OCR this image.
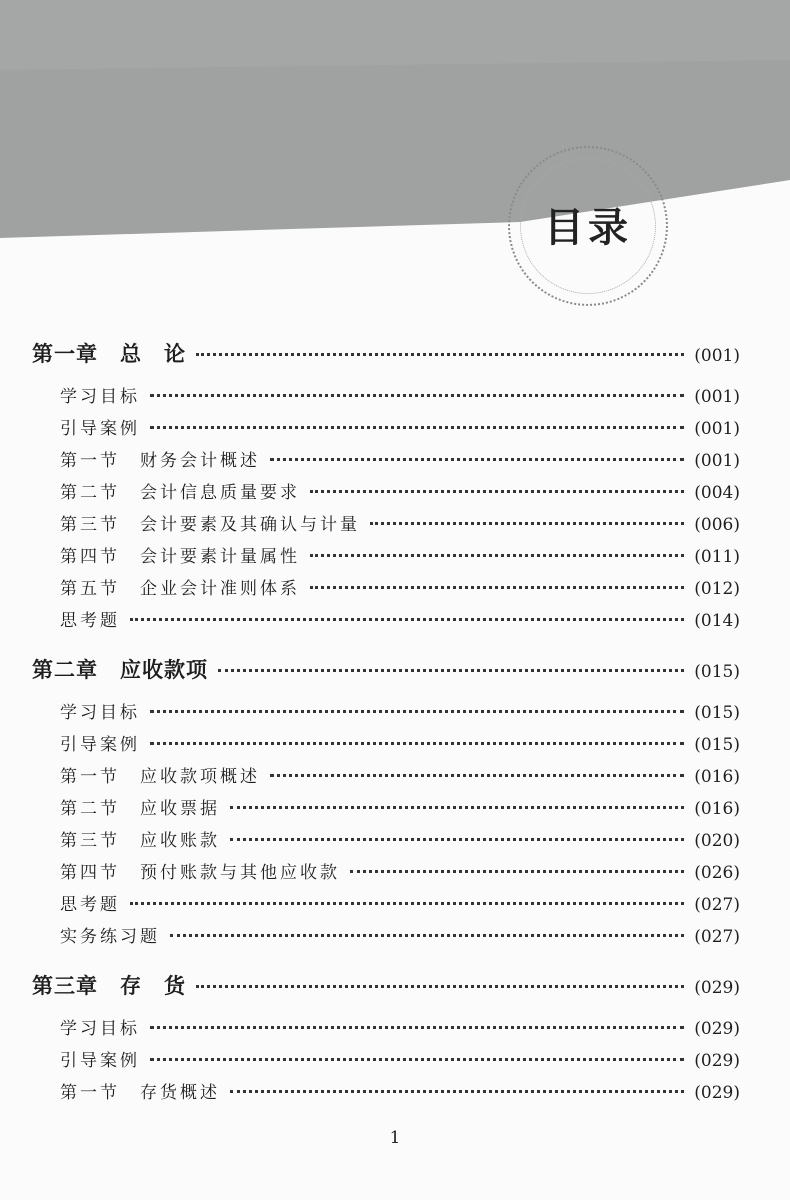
目录
第一章　总　论	(001)
学习目标	(001)
引导案例	(001)
第一节　财务会计概述	(001)
第二节　会计信息质量要求	(004)
第三节　会计要素及其确认与计量	(006)
第四节　会计要素计量属性	(011)
第五节　企业会计准则体系	(012)
思考题	(014)
第二章　应收款项	(015)
学习目标	(015)
引导案例	(015)
第一节　应收款项概述	(016)
第二节　应收票据	(016)
第三节　应收账款	(020)
第四节　预付账款与其他应收款	(026)
思考题	(027)
实务练习题	(027)
第三章　存　货	(029)
学习目标	(029)
引导案例	(029)
第一节　存货概述	(029)
1
